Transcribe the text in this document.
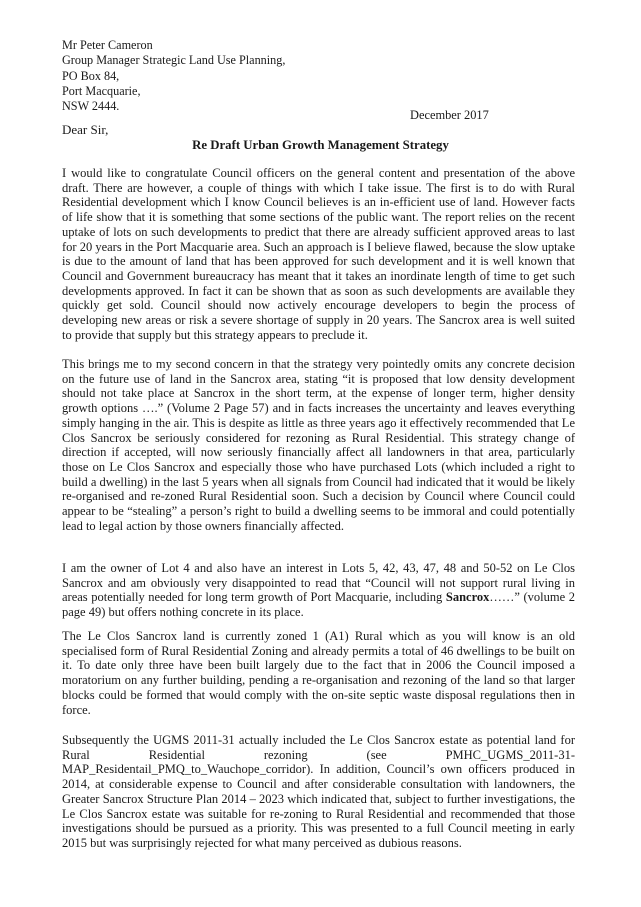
Mr Peter Cameron
Group Manager Strategic Land Use Planning,
PO Box 84,
Port Macquarie,
NSW 2444.
December 2017
Dear Sir,
Re Draft Urban Growth Management Strategy

I would like to congratulate Council officers on the general content and presentation of the above draft. There are however, a couple of things with which I take issue. The first is to do with Rural Residential development which I know Council believes is an in-efficient use of land. However facts of life show that it is something that some sections of the public want. The report relies on the recent uptake of lots on such developments to predict that there are already sufficient approved areas to last for 20 years in the Port Macquarie area. Such an approach is I believe flawed, because the slow uptake is due to the amount of land that has been approved for such development and it is well known that Council and Government bureaucracy has meant that it takes an inordinate length of time to get such developments approved. In fact it can be shown that as soon as such developments are available they quickly get sold. Council should now actively encourage developers to begin the process of developing new areas or risk a severe shortage of supply in 20 years. The Sancrox area is well suited to provide that supply but this strategy appears to preclude it.

This brings me to my second concern in that the strategy very pointedly omits any concrete decision on the future use of land in the Sancrox area, stating “it is proposed that low density development should not take place at Sancrox in the short term, at the expense of longer term, higher density growth options ….” (Volume 2 Page 57) and in facts increases the uncertainty and leaves everything simply hanging in the air. This is despite as little as three years ago it effectively recommended that Le Clos Sancrox be seriously considered for rezoning as Rural Residential. This strategy change of direction if accepted, will now seriously financially affect all landowners in that area, particularly those on Le Clos Sancrox and especially those who have purchased Lots (which included a right to build a dwelling) in the last 5 years when all signals from Council had indicated that it would be likely re-organised and re-zoned Rural Residential soon. Such a decision by Council where Council could appear to be “stealing” a person’s right to build a dwelling seems to be immoral and could potentially lead to legal action by those owners financially affected.

I am the owner of Lot 4 and also have an interest in Lots 5, 42, 43, 47, 48 and 50-52 on Le Clos Sancrox and am obviously very disappointed to read that “Council will not support rural living in areas potentially needed for long term growth of Port Macquarie, including Sancrox……” (volume 2 page 49) but offers nothing concrete in its place.

The Le Clos Sancrox land is currently zoned 1 (A1) Rural which as you will know is an old specialised form of Rural Residential Zoning and already permits a total of 46 dwellings to be built on it. To date only three have been built largely due to the fact that in 2006 the Council imposed a moratorium on any further building, pending a re-organisation and rezoning of the land so that larger blocks could be formed that would comply with the on-site septic waste disposal regulations then in force.

Subsequently the UGMS 2011-31 actually included the Le Clos Sancrox estate as potential land for Rural Residential rezoning (see PMHC_UGMS_2011-31-MAP_Residentail_PMQ_to_Wauchope_corridor). In addition, Council’s own officers produced in 2014, at considerable expense to Council and after considerable consultation with landowners, the Greater Sancrox Structure Plan 2014 – 2023 which indicated that, subject to further investigations, the Le Clos Sancrox estate was suitable for re-zoning to Rural Residential and recommended that those investigations should be pursued as a priority. This was presented to a full Council meeting in early 2015 but was surprisingly rejected for what many perceived as dubious reasons.
